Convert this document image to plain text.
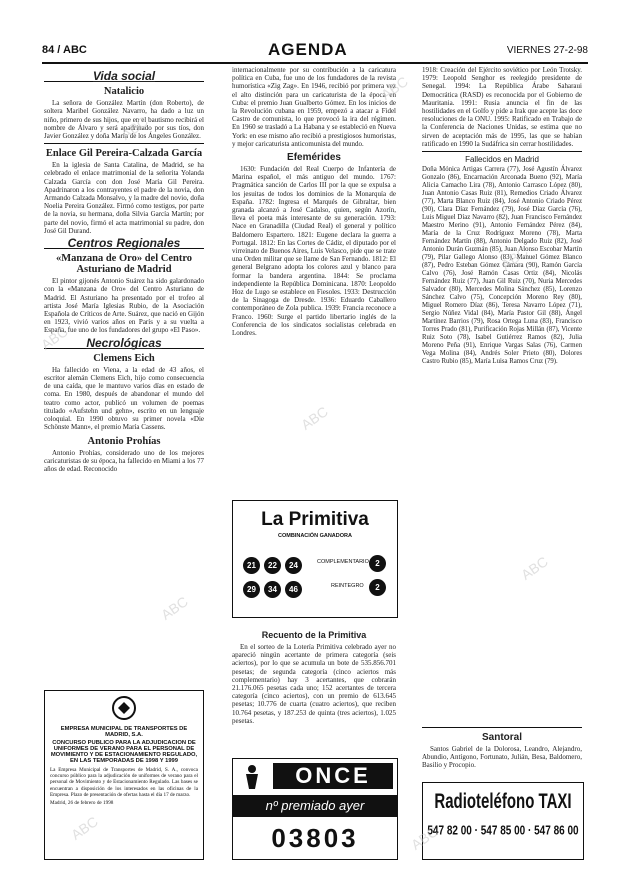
84 / ABC	AGENDA	VIERNES 27-2-98
Vida social
Natalicio

La señora de González Martín (don Roberto), de soltera Maribel González Navarro, ha dado a luz un niño, primero de sus hijos, que en el bautismo recibirá el nombre de Álvaro y será apadrinado por sus tíos, don Javier González y doña María de los Ángeles González.

Enlace Gil Pereira-Calzada García

En la iglesia de Santa Catalina, de Madrid, se ha celebrado el enlace matrimonial de la señorita Yolanda Calzada García con don José María Gil Pereira. Apadrinaron a los contrayentes el padre de la novia, don Armando Calzada Monsalvo, y la madre del novio, doña Noelia Pereira González. Firmó como testigos, por parte de la novia, su hermana, doña Silvia García Martín; por parte del novio, firmó el acta matrimonial su padre, don José Gil Durand.

Centros Regionales
«Manzana de Oro» del Centro Asturiano de Madrid

El pintor gijonés Antonio Suárez ha sido galardonado con la «Manzana de Oro» del Centro Asturiano de Madrid. El Asturiano ha presentado por el trofeo al artista José María Iglesias Rubio, de la Asociación Española de Críticos de Arte. Suárez, que nació en Gijón en 1923, vivió varios años en París y a su vuelta a España, fue uno de los fundadores del grupo «El Paso».

Necrológicas
Clemens Eich

Ha fallecido en Viena, a la edad de 43 años, el escritor alemán Clemens Eich, hijo como consecuencia de una caída, que le mantuvo varios días en estado de coma. En 1980, después de abandonar el mundo del teatro como actor, publicó un volumen de poemas titulado «Aufstehn und gehn», escrito en un lenguaje coloquial. En 1990 obtuvo su primer novela «Die Schönste Mann», el premio María Cassens.

Antonio Prohías

Antonio Prohías, considerado uno de los mejores caricaturistas de su época, ha fallecido en Miami a los 77 años de edad. Reconocido

EMPRESA MUNICIPAL DE TRANSPORTES DE MADRID, S.A.
CONCURSO PUBLICO PARA LA ADJUDICACION DE UNIFORMES DE VERANO PARA EL PERSONAL DE MOVIMIENTO Y DE ESTACIONAMIENTO REGULADO, EN LAS TEMPORADAS DE 1998 Y 1999
La Empresa Municipal de Transportes de Madrid, S. A., convoca concurso público para la adjudicación de uniformes de verano para el personal de Movimiento y de Estacionamiento Regulado. Las bases se encuentran a disposición de los interesados en las oficinas de la Empresa. Plazo de presentación de ofertas hasta el día 17 de marzo.
Madrid, 26 de febrero de 1998

internacionalmente por su contribución a la caricatura política en Cuba, fue uno de los fundadores de la revista humorística «Zig Zag». En 1946, recibió por primera vez el alto distinción para un caricaturista de la época en Cuba: el premio Juan Gualberto Gómez. En los inicios de la Revolución cubana en 1959, empezó a atacar a Fidel Castro de comunista, lo que provocó la ira del régimen. En 1960 se trasladó a La Habana y se estableció en Nueva York: en ese mismo año recibió a prestigiosos humoristas, y mejor caricaturista anticomunista del mundo.

Efemérides

1630: Fundación del Real Cuerpo de Infantería de Marina español, el más antiguo del mundo. 1767: Pragmática sanción de Carlos III por la que se expulsa a los jesuitas de todos los dominios de la Monarquía de España. 1782: Ingresa el Marqués de Gibraltar, bien granada alcanzó a José Cadalso, quien, según Azorín, lleva el poeta más interesante de su generación. 1793: Nace en Granadilla (Ciudad Real) el general y político Baldomero Espartero. 1821: Eugene declara la guerra a Portugal. 1812: En las Cortes de Cádiz, el diputado por el virreinato de Buenos Aires, Luis Velasco, pide que se trate una Orden militar que se llame de San Fernando. 1812: El general Belgrano adopta los colores azul y blanco para formar la bandera argentina. 1844: Se proclama independiente la República Dominicana. 1870: Leopoldo Hoz de Lugo se establece en Fiesoles. 1933: Destrucción de la Sinagoga de Dresde. 1936: Eduardo Caballero contemporáneo de Zola publica. 1939: Francia reconoce a Franco. 1960: Surge el partido libertario inglés de la Conferencia de los sindicatos socialistas celebrada en Londres.

La Primitiva
COMBINACIÓN GANADORA
21 22 24
29 34 46
COMPLEMENTARIO 2
REINTEGRO	2
Recuento de la Primitiva

En el sorteo de la Lotería Primitiva celebrado ayer no apareció ningún acertante de primera categoría (seis aciertos), por lo que se acumula un bote de 535.856.701 pesetas; de segunda categoría (cinco aciertos más complementario) hay 3 acertantes, que cobrarán 21.176.065 pesetas cada uno; 152 acertantes de tercera categoría (cinco aciertos), con un premio de 613.645 pesetas; 10.776 de cuarta (cuatro aciertos), que reciben 10.764 pesetas, y 187.253 de quinta (tres aciertos), 1.025 pesetas.

ONCE
nº premiado ayer
03803

1918: Creación del Ejército soviético por León Trotsky. 1979: Leopold Senghor es reelegido presidente de Senegal. 1994: La República Árabe Saharaui Democrática (RASD) es reconocida por el Gobierno de Mauritania. 1991: Rusia anuncia el fin de las hostilidades en el Golfo y pide a Irak que acepte las doce resoluciones de la ONU. 1995: Ratificado en Trabajo de la Conferencia de Naciones Unidas, se estima que no sirven de aceptación más de 1995, las que se habían ratificado en 1990 la Sudáfrica sin cerrar hostilidades.

Fallecidos en Madrid

Doña Mónica Artigas Carrera (77), José Agustín Álvarez Gonzalo (86), Encarnación Arconada Bueno (92), María Alicia Camacho Lira (78), Antonio Carrasco López (80), Juan Antonio Casas Ruiz (81), Remedios Criado Álvarez (77), Marta Blanco Ruiz (84), José Antonio Criado Pérez (90), Clara Díaz Fernández (79), José Díaz García (76), Luis Miguel Díaz Navarro (82), Juan Francisco Fernández Maestro Merino (91), Antonio Fernández Pérez (84), María de la Cruz Rodríguez Moreno (78), Marta Fernández Martín (88), Antonio Delgado Ruiz (82), José Antonio Durán Guzmán (85), Juan Alonso Escobar Martín (79), Pilar Gallego Alonso (83), Manuel Gómez Blanco (87), Pedro Esteban Gómez Cámara (90), Ramón García Calvo (76), José Ramón Casas Ortiz (84), Nicolás Fernández Ruiz (77), Juan Gil Ruiz (70), Nuria Mercedes Salvador (80), Mercedes Molina Sánchez (85), Lorenzo Sánchez Calvo (75), Concepción Moreno Rey (80), Miguel Romero Díaz (86), Teresa Navarro López (71), Sergio Núñez Vidal (84), María Pastor Gil (88), Ángel Martínez Barrios (79), Rosa Ortega Luna (83), Francisco Torres Prado (81), Purificación Rojas Millán (87), Vicente Ruiz Soto (78), Isabel Gutiérrez Ramos (82), Julia Moreno Peña (91), Enrique Vargas Salas (76), Carmen Vega Molina (84), Andrés Soler Prieto (80), Dolores Castro Rubio (85), María Luisa Ramos Cruz (79).

Santoral

Santos Gabriel de la Dolorosa, Leandro, Alejandro, Abundio, Antígono, Fortunato, Julián, Besa, Baldomero, Basilio y Procopio.

Radioteléfono TAXI
547 82 00 · 547 85 00 · 547 86 00
ABC
ABC
ABC
ABC
ABC
ABC
ABC
ABC	ABC
